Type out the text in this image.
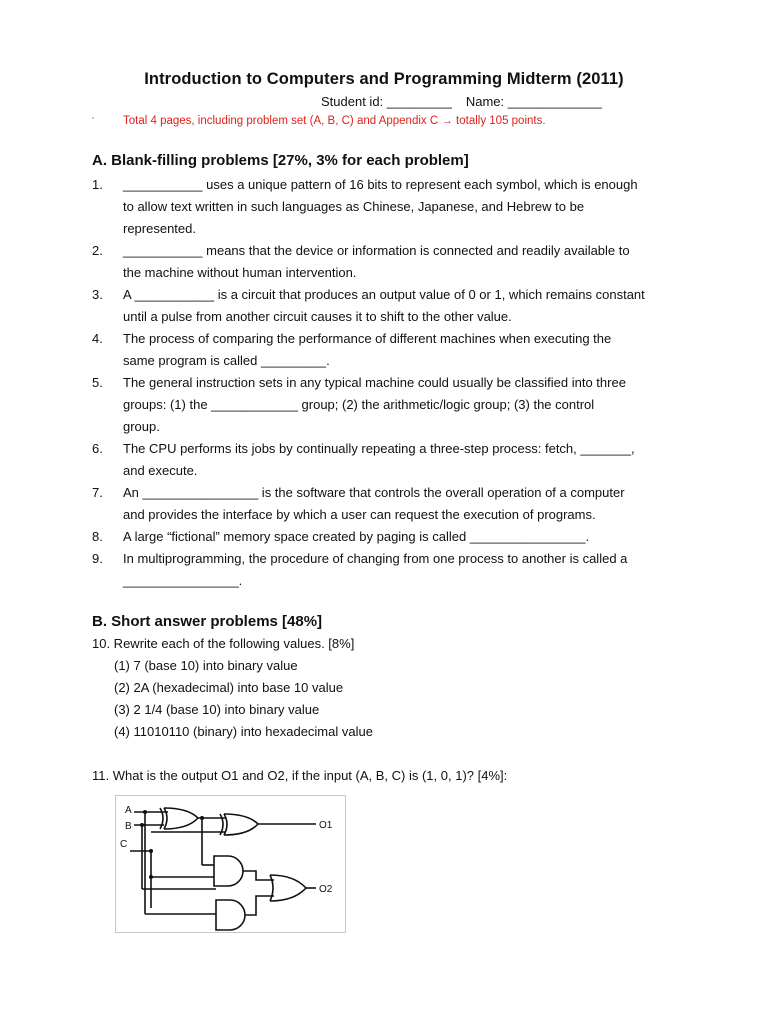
Introduction to Computers and Programming Midterm (2011)
Student id: _________ Name: _____________
· Total 4 pages, including problem set (A, B, C) and Appendix C → totally 105 points.
A. Blank-filling problems [27%, 3% for each problem]
1.	___________ uses a unique pattern of 16 bits to represent each symbol, which is enough
to allow text written in such languages as Chinese, Japanese, and Hebrew to be
represented.
2.	___________ means that the device or information is connected and readily available to
the machine without human intervention.
3.	A ___________ is a circuit that produces an output value of 0 or 1, which remains constant
until a pulse from another circuit causes it to shift to the other value.
4.	The process of comparing the performance of different machines when executing the
same program is called _________.
5.	The general instruction sets in any typical machine could usually be classified into three
groups: (1) the ____________ group; (2) the arithmetic/logic group; (3) the control
group.
6.	The CPU performs its jobs by continually repeating a three-step process: fetch, _______,
and execute.
7.	An ________________ is the software that controls the overall operation of a computer
and provides the interface by which a user can request the execution of programs.
8.	A large “fictional” memory space created by paging is called ________________.
9.	In multiprogramming, the procedure of changing from one process to another is called a
________________.
B. Short answer problems [48%]
10. Rewrite each of the following values. [8%]
(1) 7 (base 10) into binary value
(2) 2A (hexadecimal) into base 10 value
(3) 2 1/4 (base 10) into binary value
(4) 11010110 (binary) into hexadecimal value
11. What is the output O1 and O2, if the input (A, B, C) is (1, 0, 1)? [4%]:
A
B
C
O1
O2
